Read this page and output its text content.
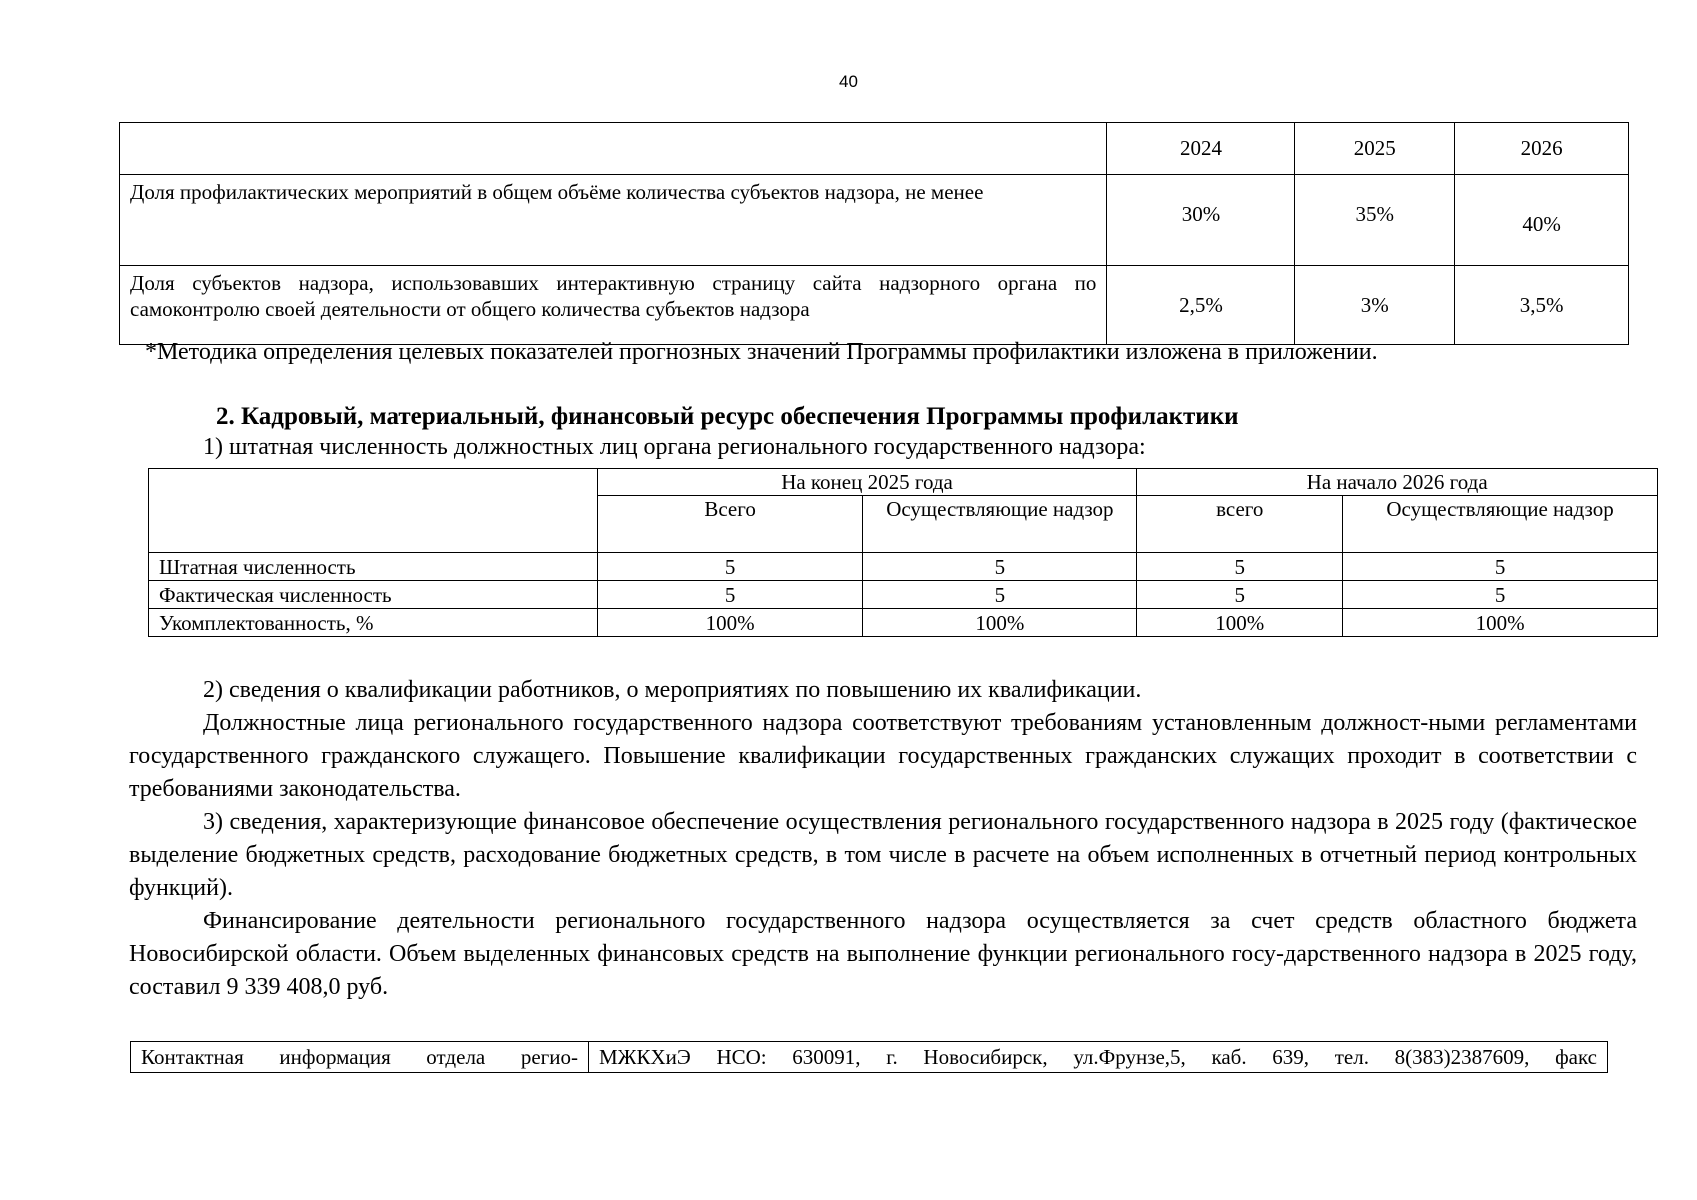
40
	2024	2025	2026
Доля профилактических мероприятий в общем объёме количества субъектов надзора, не менее	30%	35%	40%
Доля субъектов надзора, использовавших интерактивную страницу сайта надзорного органа по самоконтролю своей деятельности от общего количества субъектов надзора	2,5%	3%	3,5%
*Методика определения целевых показателей прогнозных значений Программы профилактики изложена в приложении.
2. Кадровый, материальный, финансовый ресурс обеспечения Программы профилактики
1) штатная численность должностных лиц органа регионального государственного надзора:
	На конец 2025 года		На начало 2026 года	
	Всего	Осуществляющие надзор	всего	Осуществляющие надзор
Штатная численность	5	5	5	5
Фактическая численность	5	5	5	5
Укомплектованность, %	100%	100%	100%	100%
2) сведения о квалификации работников, о мероприятиях по повышению их квалификации.
Должностные лица регионального государственного надзора соответствуют требованиям установленным должност-ными регламентами государственного гражданского служащего. Повышение квалификации государственных гражданских служащих проходит в соответствии с требованиями законодательства.
3) сведения, характеризующие финансовое обеспечение осуществления регионального государственного надзора в 2025 году (фактическое выделение бюджетных средств, расходование бюджетных средств, в том числе в расчете на объем исполненных в отчетный период контрольных функций).
Финансирование деятельности регионального государственного надзора осуществляется за счет средств областного бюджета Новосибирской области. Объем выделенных финансовых средств на выполнение функции регионального госу-дарственного надзора в 2025 году, составил 9 339 408,0 руб.
Контактная информация отдела регио-	МЖКХиЭ НСО: 630091, г. Новосибирск, ул.Фрунзе,5, каб. 639, тел. 8(383)2387609, факс
